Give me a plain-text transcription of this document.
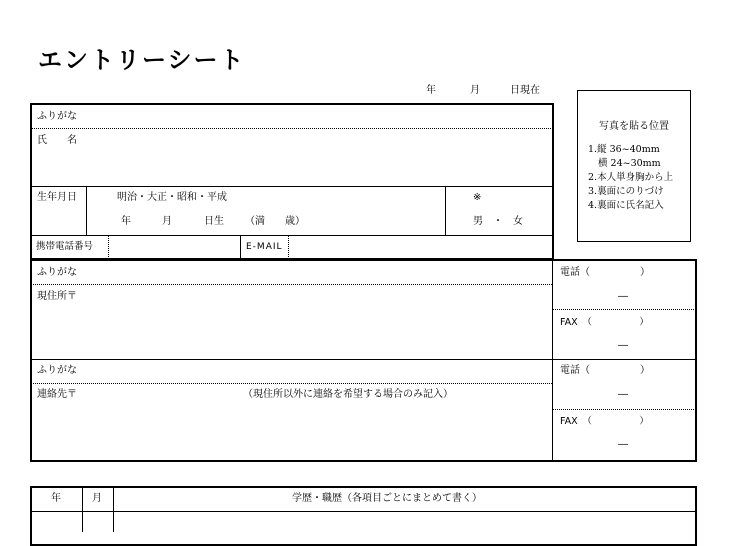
エントリーシート
年	月	日現在
写真を貼る位置
1.縦 36~40mm
横 24~30mm
2.本人単身胸から上
3.裏面にのりづけ
4.裏面に氏名記入
ふりがな
氏　　名
生年月日	明治・大正・昭和・平成
年	月	日生 （満　　歳）
※
男　・　女
携帯電話番号	E-MAIL
ふりがな
現住所〒
電話（　　　　　）
―
FAX　（　　　　　）
―
ふりがな
連絡先〒	（現住所以外に連絡を希望する場合のみ記入）
電話（　　　　　）
―
FAX　（　　　　　）
―
年	月	学歴・職歴（各項目ごとにまとめて書く）
